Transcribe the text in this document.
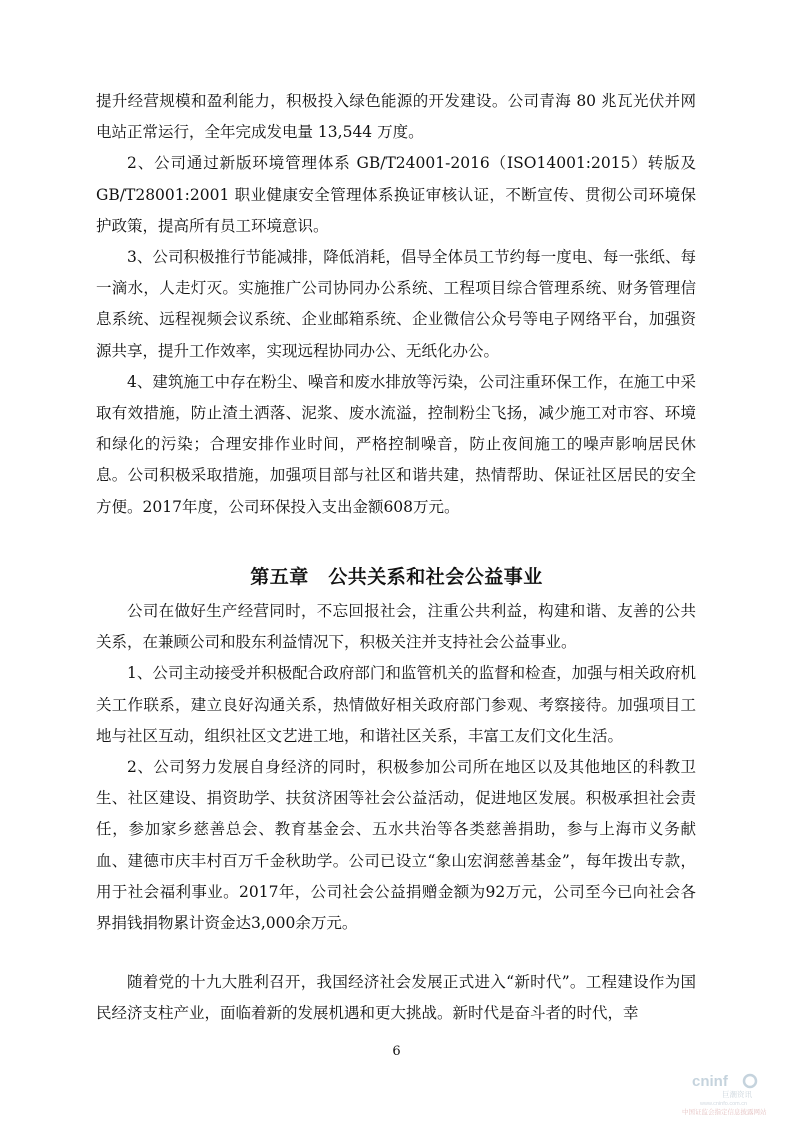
提升经营规模和盈利能力，积极投入绿色能源的开发建设。公司青海 80 兆瓦光伏并网电站正常运行，全年完成发电量 13,544 万度。

2、公司通过新版环境管理体系 GB/T24001-2016（ISO14001:2015）转版及 GB/T28001:2001 职业健康安全管理体系换证审核认证，不断宣传、贯彻公司环境保护政策，提高所有员工环境意识。

3、公司积极推行节能减排，降低消耗，倡导全体员工节约每一度电、每一张纸、每一滴水，人走灯灭。实施推广公司协同办公系统、工程项目综合管理系统、财务管理信息系统、远程视频会议系统、企业邮箱系统、企业微信公众号等电子网络平台，加强资源共享，提升工作效率，实现远程协同办公、无纸化办公。

4、建筑施工中存在粉尘、噪音和废水排放等污染，公司注重环保工作，在施工中采取有效措施，防止渣土洒落、泥浆、废水流溢，控制粉尘飞扬，减少施工对市容、环境和绿化的污染；合理安排作业时间，严格控制噪音，防止夜间施工的噪声影响居民休息。公司积极采取措施，加强项目部与社区和谐共建，热情帮助、保证社区居民的安全方便。2017年度，公司环保投入支出金额608万元。

第五章　公共关系和社会公益事业

公司在做好生产经营同时，不忘回报社会，注重公共利益，构建和谐、友善的公共关系，在兼顾公司和股东利益情况下，积极关注并支持社会公益事业。

1、公司主动接受并积极配合政府部门和监管机关的监督和检查，加强与相关政府机关工作联系，建立良好沟通关系，热情做好相关政府部门参观、考察接待。加强项目工地与社区互动，组织社区文艺进工地，和谐社区关系，丰富工友们文化生活。

2、公司努力发展自身经济的同时，积极参加公司所在地区以及其他地区的科教卫生、社区建设、捐资助学、扶贫济困等社会公益活动，促进地区发展。积极承担社会责任，参加家乡慈善总会、教育基金会、五水共治等各类慈善捐助，参与上海市义务献血、建德市庆丰村百万千金秋助学。公司已设立“象山宏润慈善基金”，每年拨出专款，用于社会福利事业。2017年，公司社会公益捐赠金额为92万元，公司至今已向社会各界捐钱捐物累计资金达3,000余万元。

随着党的十九大胜利召开，我国经济社会发展正式进入“新时代”。工程建设作为国民经济支柱产业，面临着新的发展机遇和更大挑战。新时代是奋斗者的时代，幸

6
cninf
巨潮资讯
www.cninfo.com.cn
中国证监会指定信息披露网站
